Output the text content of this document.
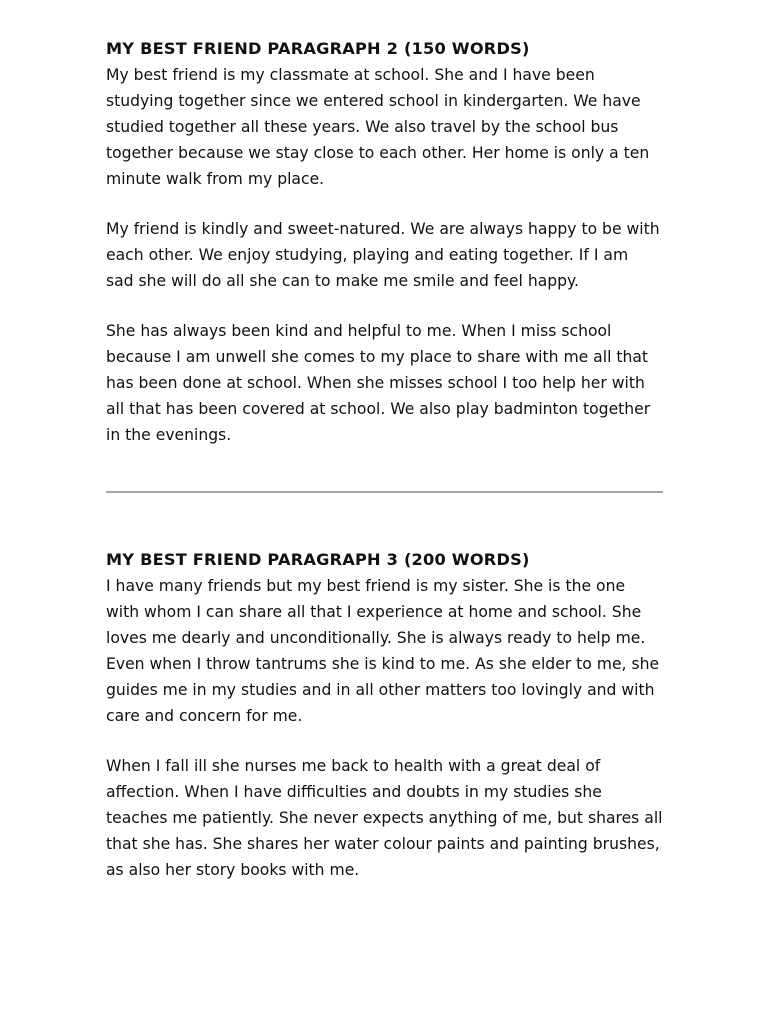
MY BEST FRIEND PARAGRAPH 2 (150 WORDS)

My best friend is my classmate at school. She and I have been
studying together since we entered school in kindergarten. We have
studied together all these years. We also travel by the school bus
together because we stay close to each other. Her home is only a ten
minute walk from my place.

My friend is kindly and sweet-natured. We are always happy to be with
each other. We enjoy studying, playing and eating together. If I am
sad she will do all she can to make me smile and feel happy.

She has always been kind and helpful to me. When I miss school
because I am unwell she comes to my place to share with me all that
has been done at school. When she misses school I too help her with
all that has been covered at school. We also play badminton together
in the evenings.

MY BEST FRIEND PARAGRAPH 3 (200 WORDS)

I have many friends but my best friend is my sister. She is the one
with whom I can share all that I experience at home and school. She
loves me dearly and unconditionally. She is always ready to help me.
Even when I throw tantrums she is kind to me. As she elder to me, she
guides me in my studies and in all other matters too lovingly and with
care and concern for me.

When I fall ill she nurses me back to health with a great deal of
affection. When I have difficulties and doubts in my studies she
teaches me patiently. She never expects anything of me, but shares all
that she has. She shares her water colour paints and painting brushes,
as also her story books with me.
